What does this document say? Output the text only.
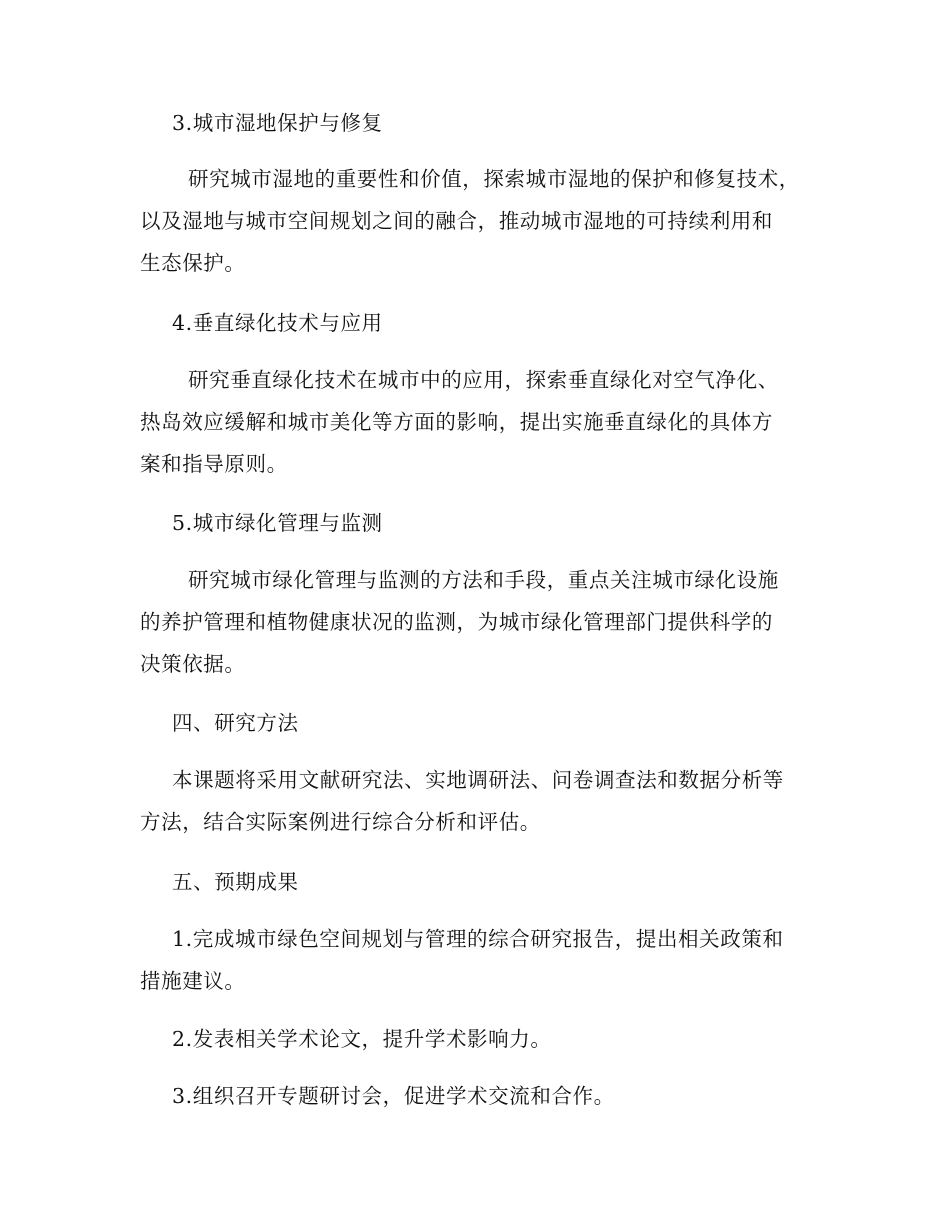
3.城市湿地保护与修复
研究城市湿地的重要性和价值，探索城市湿地的保护和修复技术，
以及湿地与城市空间规划之间的融合，推动城市湿地的可持续利用和
生态保护。
4.垂直绿化技术与应用
研究垂直绿化技术在城市中的应用，探索垂直绿化对空气净化、
热岛效应缓解和城市美化等方面的影响，提出实施垂直绿化的具体方
案和指导原则。
5.城市绿化管理与监测
研究城市绿化管理与监测的方法和手段，重点关注城市绿化设施
的养护管理和植物健康状况的监测，为城市绿化管理部门提供科学的
决策依据。
四、研究方法
本课题将采用文献研究法、实地调研法、问卷调查法和数据分析等
方法，结合实际案例进行综合分析和评估。
五、预期成果
1.完成城市绿色空间规划与管理的综合研究报告，提出相关政策和
措施建议。
2.发表相关学术论文，提升学术影响力。
3.组织召开专题研讨会，促进学术交流和合作。
